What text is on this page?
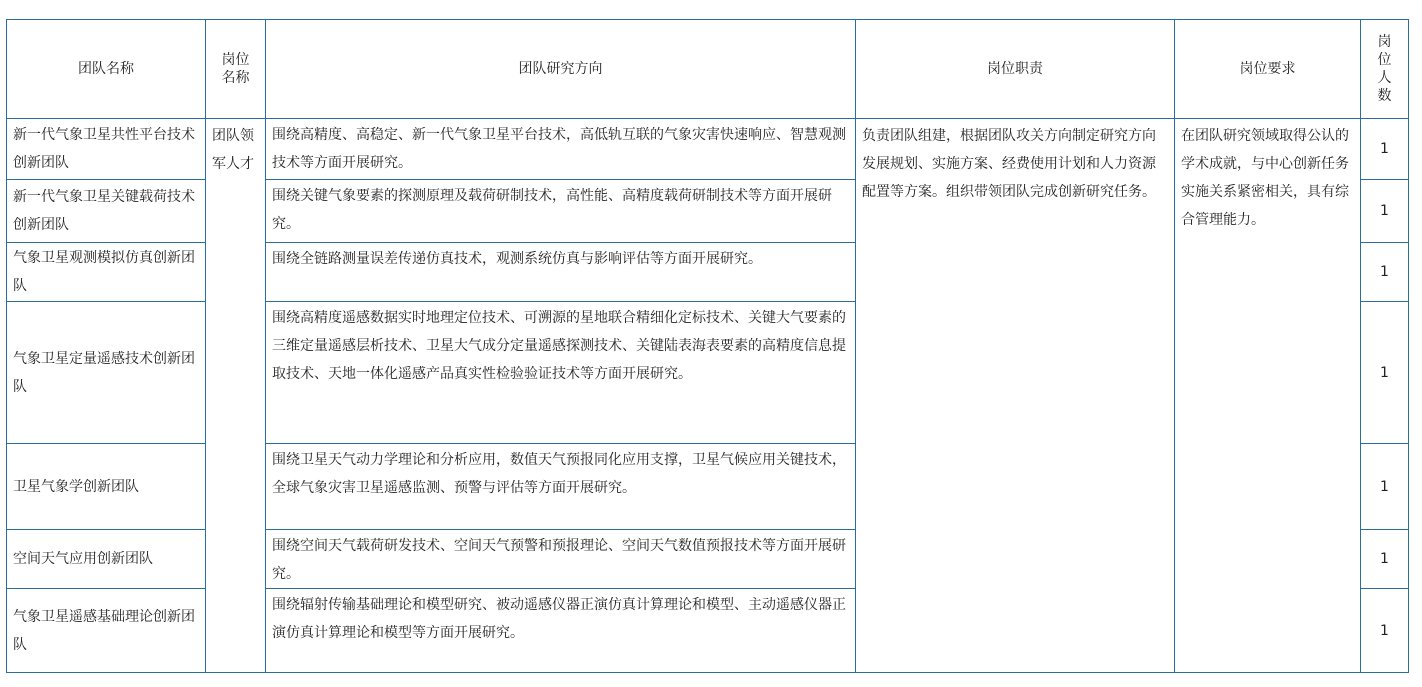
团队名称	岗位名称	团队研究方向	岗位职责	岗位要求	岗位人数
新一代气象卫星共性平台技术创新团队	团队领军人才	围绕高精度、高稳定、新一代气象卫星平台技术，高低轨互联的气象灾害快速响应、智慧观测技术等方面开展研究。	负责团队组建，根据团队攻关方向制定研究方向发展规划、实施方案、经费使用计划和人力资源配置等方案。组织带领团队完成创新研究任务。	在团队研究领域取得公认的学术成就，与中心创新任务实施关系紧密相关，具有综合管理能力。	1
新一代气象卫星关键载荷技术创新团队		围绕关键气象要素的探测原理及载荷研制技术，高性能、高精度载荷研制技术等方面开展研究。			1
气象卫星观测模拟仿真创新团队		围绕全链路测量误差传递仿真技术，观测系统仿真与影响评估等方面开展研究。			1
气象卫星定量遥感技术创新团队		围绕高精度遥感数据实时地理定位技术、可溯源的星地联合精细化定标技术、关键大气要素的三维定量遥感层析技术、卫星大气成分定量遥感探测技术、关键陆表海表要素的高精度信息提取技术、天地一体化遥感产品真实性检验验证技术等方面开展研究。			1
卫星气象学创新团队		围绕卫星天气动力学理论和分析应用，数值天气预报同化应用支撑，卫星气候应用关键技术，全球气象灾害卫星遥感监测、预警与评估等方面开展研究。			1
空间天气应用创新团队		围绕空间天气载荷研发技术、空间天气预警和预报理论、空间天气数值预报技术等方面开展研究。			1
气象卫星遥感基础理论创新团队		围绕辐射传输基础理论和模型研究、被动遥感仪器正演仿真计算理论和模型、主动遥感仪器正演仿真计算理论和模型等方面开展研究。			1
